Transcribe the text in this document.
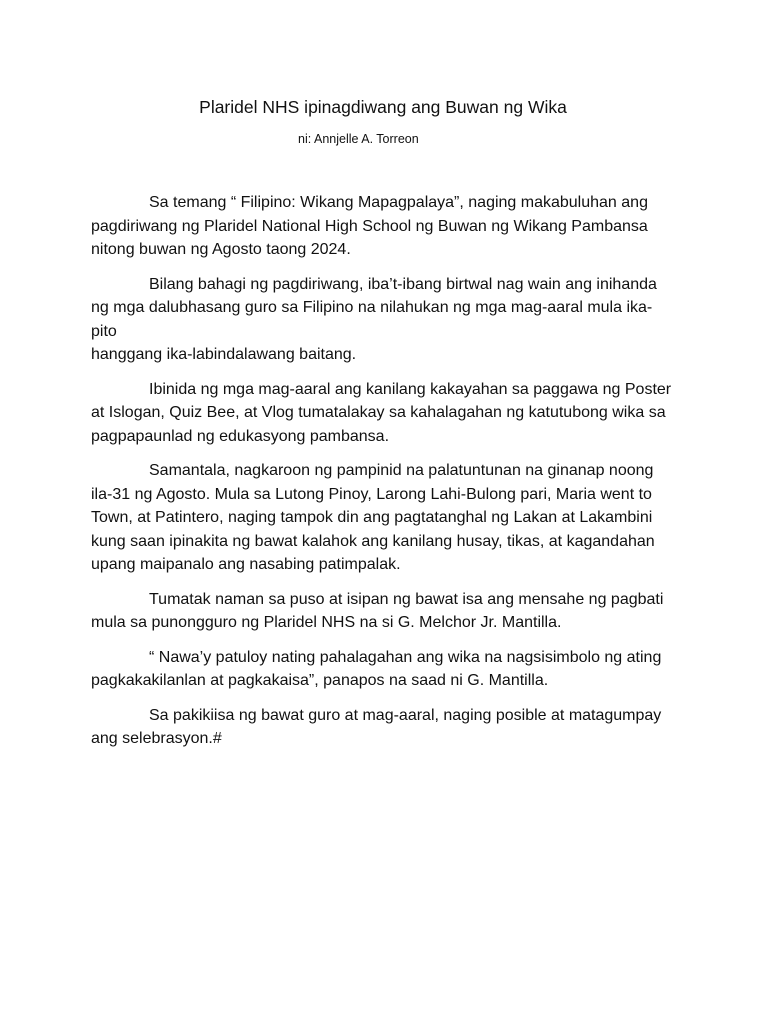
Plaridel NHS ipinagdiwang ang Buwan ng Wika

ni: Annjelle A. Torreon

Sa temang “ Filipino: Wikang Mapagpalaya”, naging makabuluhan ang
pagdiriwang ng Plaridel National High School ng Buwan ng Wikang Pambansa
nitong buwan ng Agosto taong 2024.

Bilang bahagi ng pagdiriwang, iba’t-ibang birtwal nag wain ang inihanda
ng mga dalubhasang guro sa Filipino na nilahukan ng mga mag-aaral mula ika-pito
hanggang ika-labindalawang baitang.

Ibinida ng mga mag-aaral ang kanilang kakayahan sa paggawa ng Poster
at Islogan, Quiz Bee, at Vlog tumatalakay sa kahalagahan ng katutubong wika sa
pagpapaunlad ng edukasyong pambansa.

Samantala, nagkaroon ng pampinid na palatuntunan na ginanap noong
ila-31 ng Agosto. Mula sa Lutong Pinoy, Larong Lahi-Bulong pari, Maria went to
Town, at Patintero, naging tampok din ang pagtatanghal ng Lakan at Lakambini
kung saan ipinakita ng bawat kalahok ang kanilang husay, tikas, at kagandahan
upang maipanalo ang nasabing patimpalak.

Tumatak naman sa puso at isipan ng bawat isa ang mensahe ng pagbati
mula sa punongguro ng Plaridel NHS na si G. Melchor Jr. Mantilla.

“ Nawa’y patuloy nating pahalagahan ang wika na nagsisimbolo ng ating
pagkakakilanlan at pagkakaisa”, panapos na saad ni G. Mantilla.

Sa pakikiisa ng bawat guro at mag-aaral, naging posible at matagumpay
ang selebrasyon.#
